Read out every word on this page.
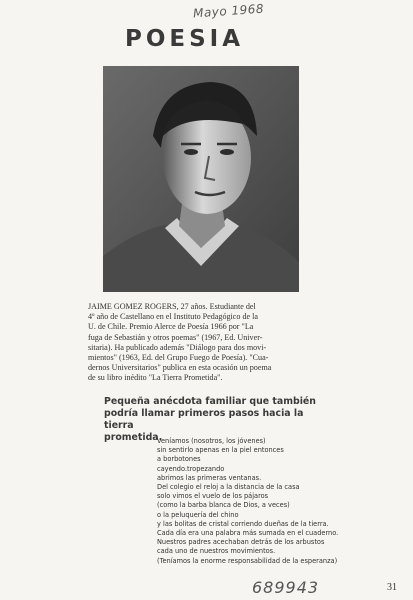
Mayo 1968
POESIA
JAIME GOMEZ ROGERS, 27 años. Estudiante del
4º año de Castellano en el Instituto Pedagógico de la
U. de Chile. Premio Alerce de Poesía 1966 por "La
fuga de Sebastián y otros poemas" (1967, Ed. Univer-
sitaria). Ha publicado además "Diálogo para dos movi-
mientos" (1963, Ed. del Grupo Fuego de Poesía). "Cua-
dernos Universitarios" publica en esta ocasión un poema
de su libro inédito "La Tierra Prometida".
Pequeña anécdota familiar que también
podría llamar primeros pasos hacia la tierra
prometida.
Veníamos (nosotros, los jóvenes)
sin sentirlo apenas en la piel entonces
a borbotones
cayendo.tropezando
abrimos las primeras ventanas.
Del colegio el reloj a la distancia de la casa
solo vimos el vuelo de los pájaros
(como la barba blanca de Dios, a veces)
o la peluquería del chino
y las bolitas de cristal corriendo dueñas de la tierra.
Cada día era una palabra más sumada en el cuaderno.
Nuestros padres acechaban detrás de los arbustos
cada uno de nuestros movimientos.
(Teníamos la enorme responsabilidad de la esperanza)
689943	31
